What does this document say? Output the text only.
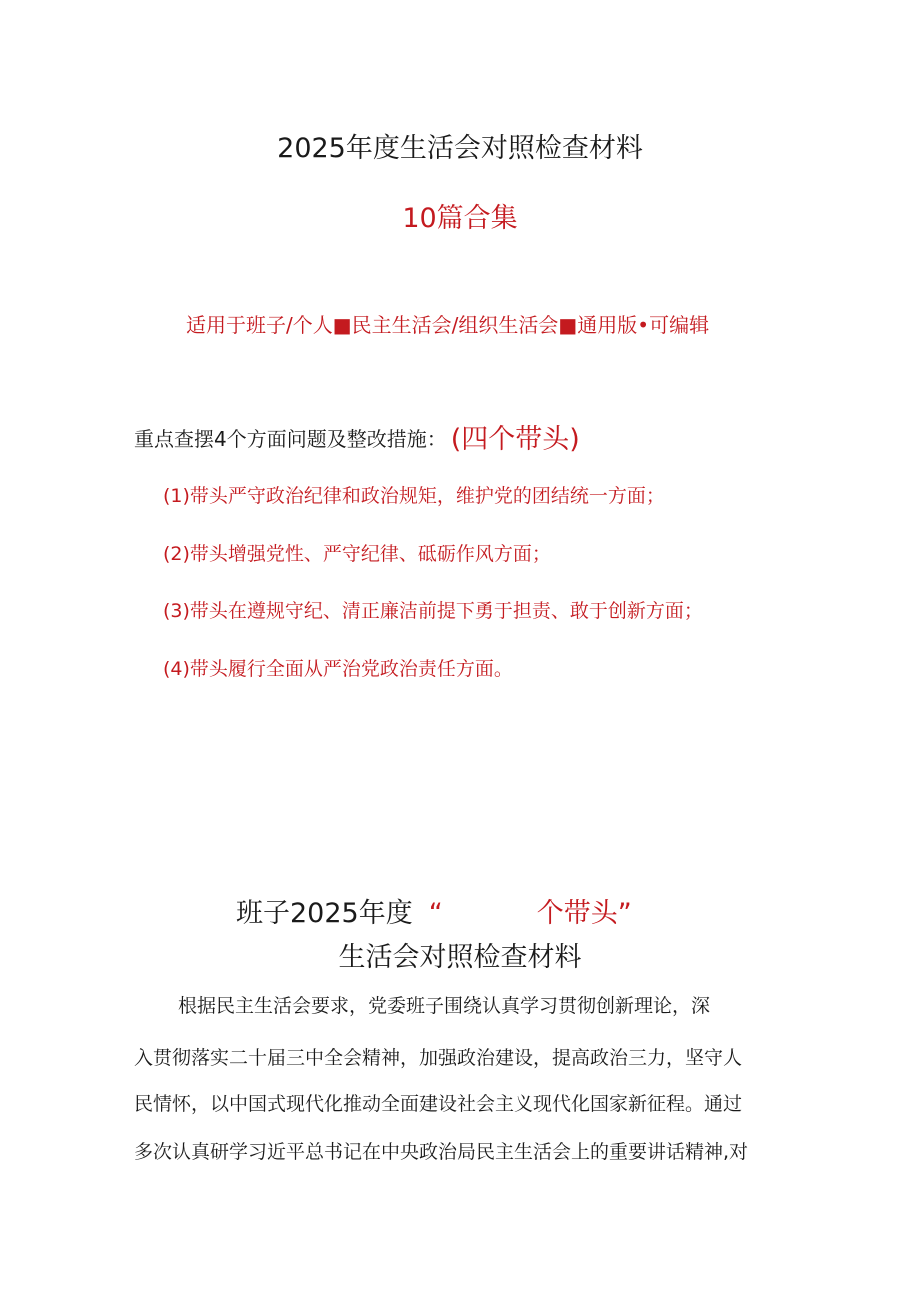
2025年度生活会对照检查材料
10篇合集
适用于班子/个人■民主生活会/组织生活会■通用版•可编辑
重点查摆4个方面问题及整改措施： (四个带头)
(1)带头严守政治纪律和政治规矩，维护党的团结统一方面；
(2)带头增强党性、严守纪律、砥砺作风方面；
(3)带头在遵规守纪、清正廉洁前提下勇于担责、敢于创新方面；
(4)带头履行全面从严治党政治责任方面。
班子2025年度 “	个带头”
生活会对照检查材料
根据民主生活会要求，党委班子围绕认真学习贯彻创新理论，深
入贯彻落实二十届三中全会精神，加强政治建设，提高政治三力，坚守人
民情怀，以中国式现代化推动全面建设社会主义现代化国家新征程。通过
多次认真研学习近平总书记在中央政治局民主生活会上的重要讲话精神,对
